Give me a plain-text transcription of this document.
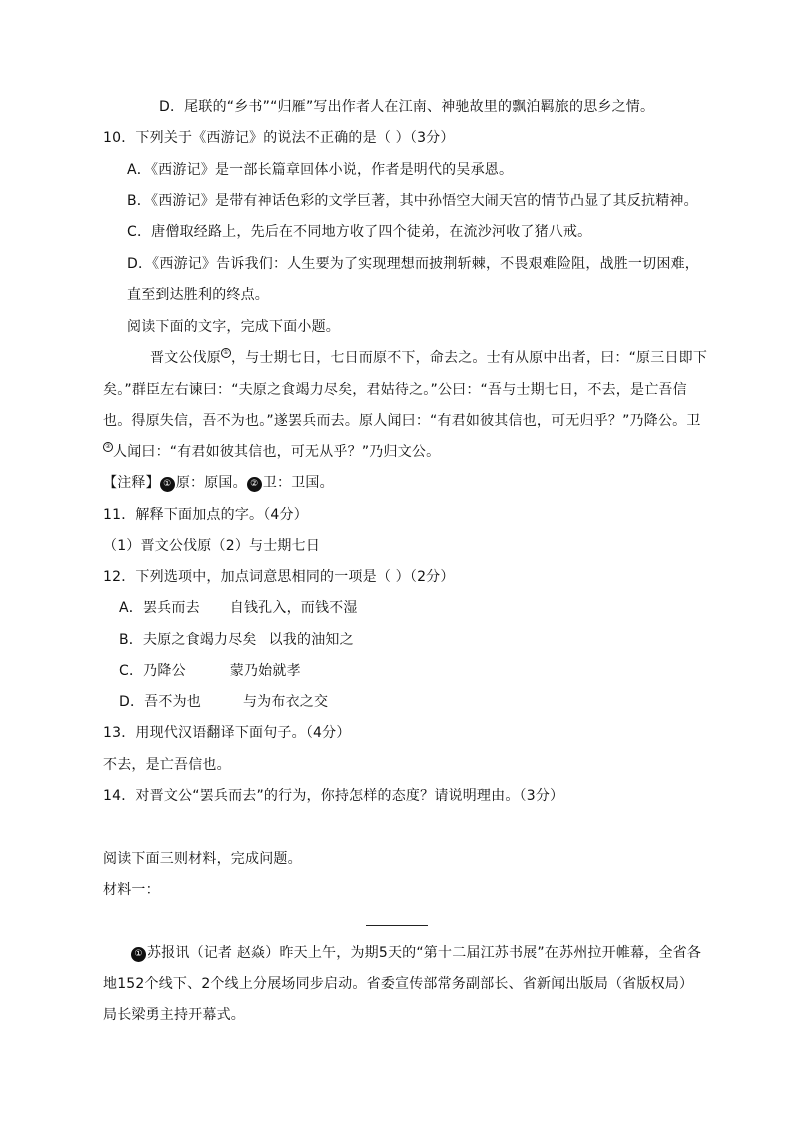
D．尾联的“乡书”“归雁”写出作者人在江南、神驰故里的飘泊羁旅的思乡之情。
10．下列关于《西游记》的说法不正确的是（ ）（3分）
A．《西游记》是一部长篇章回体小说，作者是明代的吴承恩。
B．《西游记》是带有神话色彩的文学巨著，其中孙悟空大闹天宫的情节凸显了其反抗精神。
C．唐僧取经路上，先后在不同地方收了四个徒弟，在流沙河收了猪八戒。
D．《西游记》告诉我们：人生要为了实现理想而披荆斩棘，不畏艰难险阻，战胜一切困难，
直至到达胜利的终点。
阅读下面的文字，完成下面小题。
晋文公伐原 ① ，与士期七日，七日而原不下，命去之。士有从原中出者，曰：“原三日即下
矣。”群臣左右谏曰：“夫原之食竭力尽矣，君姑待之。”公曰：“吾与士期七日，不去，是亡吾信
也。得原失信，吾不为也。”遂罢兵而去。原人闻曰：“有君如彼其信也，可无归乎？”乃降公。卫
② 人闻曰：“有君如彼其信也，可无从乎？”乃归文公。
【注释】 ① 原：原国。 ② 卫：卫国。
11．解释下面加点的字。（4分）
（1）晋文公伐原（2）与士期七日
12．下列选项中，加点词意思相同的一项是（ ）（2分）
A．罢兵而去 自钱孔入，而钱不湿
B．夫原之食竭力尽矣 以我的油知之
C．乃降公	蒙乃始就孝
D．吾不为也	与为布衣之交
13．用现代汉语翻译下面句子。（4分）
不去，是亡吾信也。
14．对晋文公“罢兵而去”的行为，你持怎样的态度？请说明理由。（3分）
阅读下面三则材料，完成问题。
材料一：
① 苏报讯（记者 赵焱）昨天上午，为期5天的“第十二届江苏书展”在苏州拉开帷幕，全省各
地152个线下、2个线上分展场同步启动。省委宣传部常务副部长、省新闻出版局（省版权局）
局长梁勇主持开幕式。
